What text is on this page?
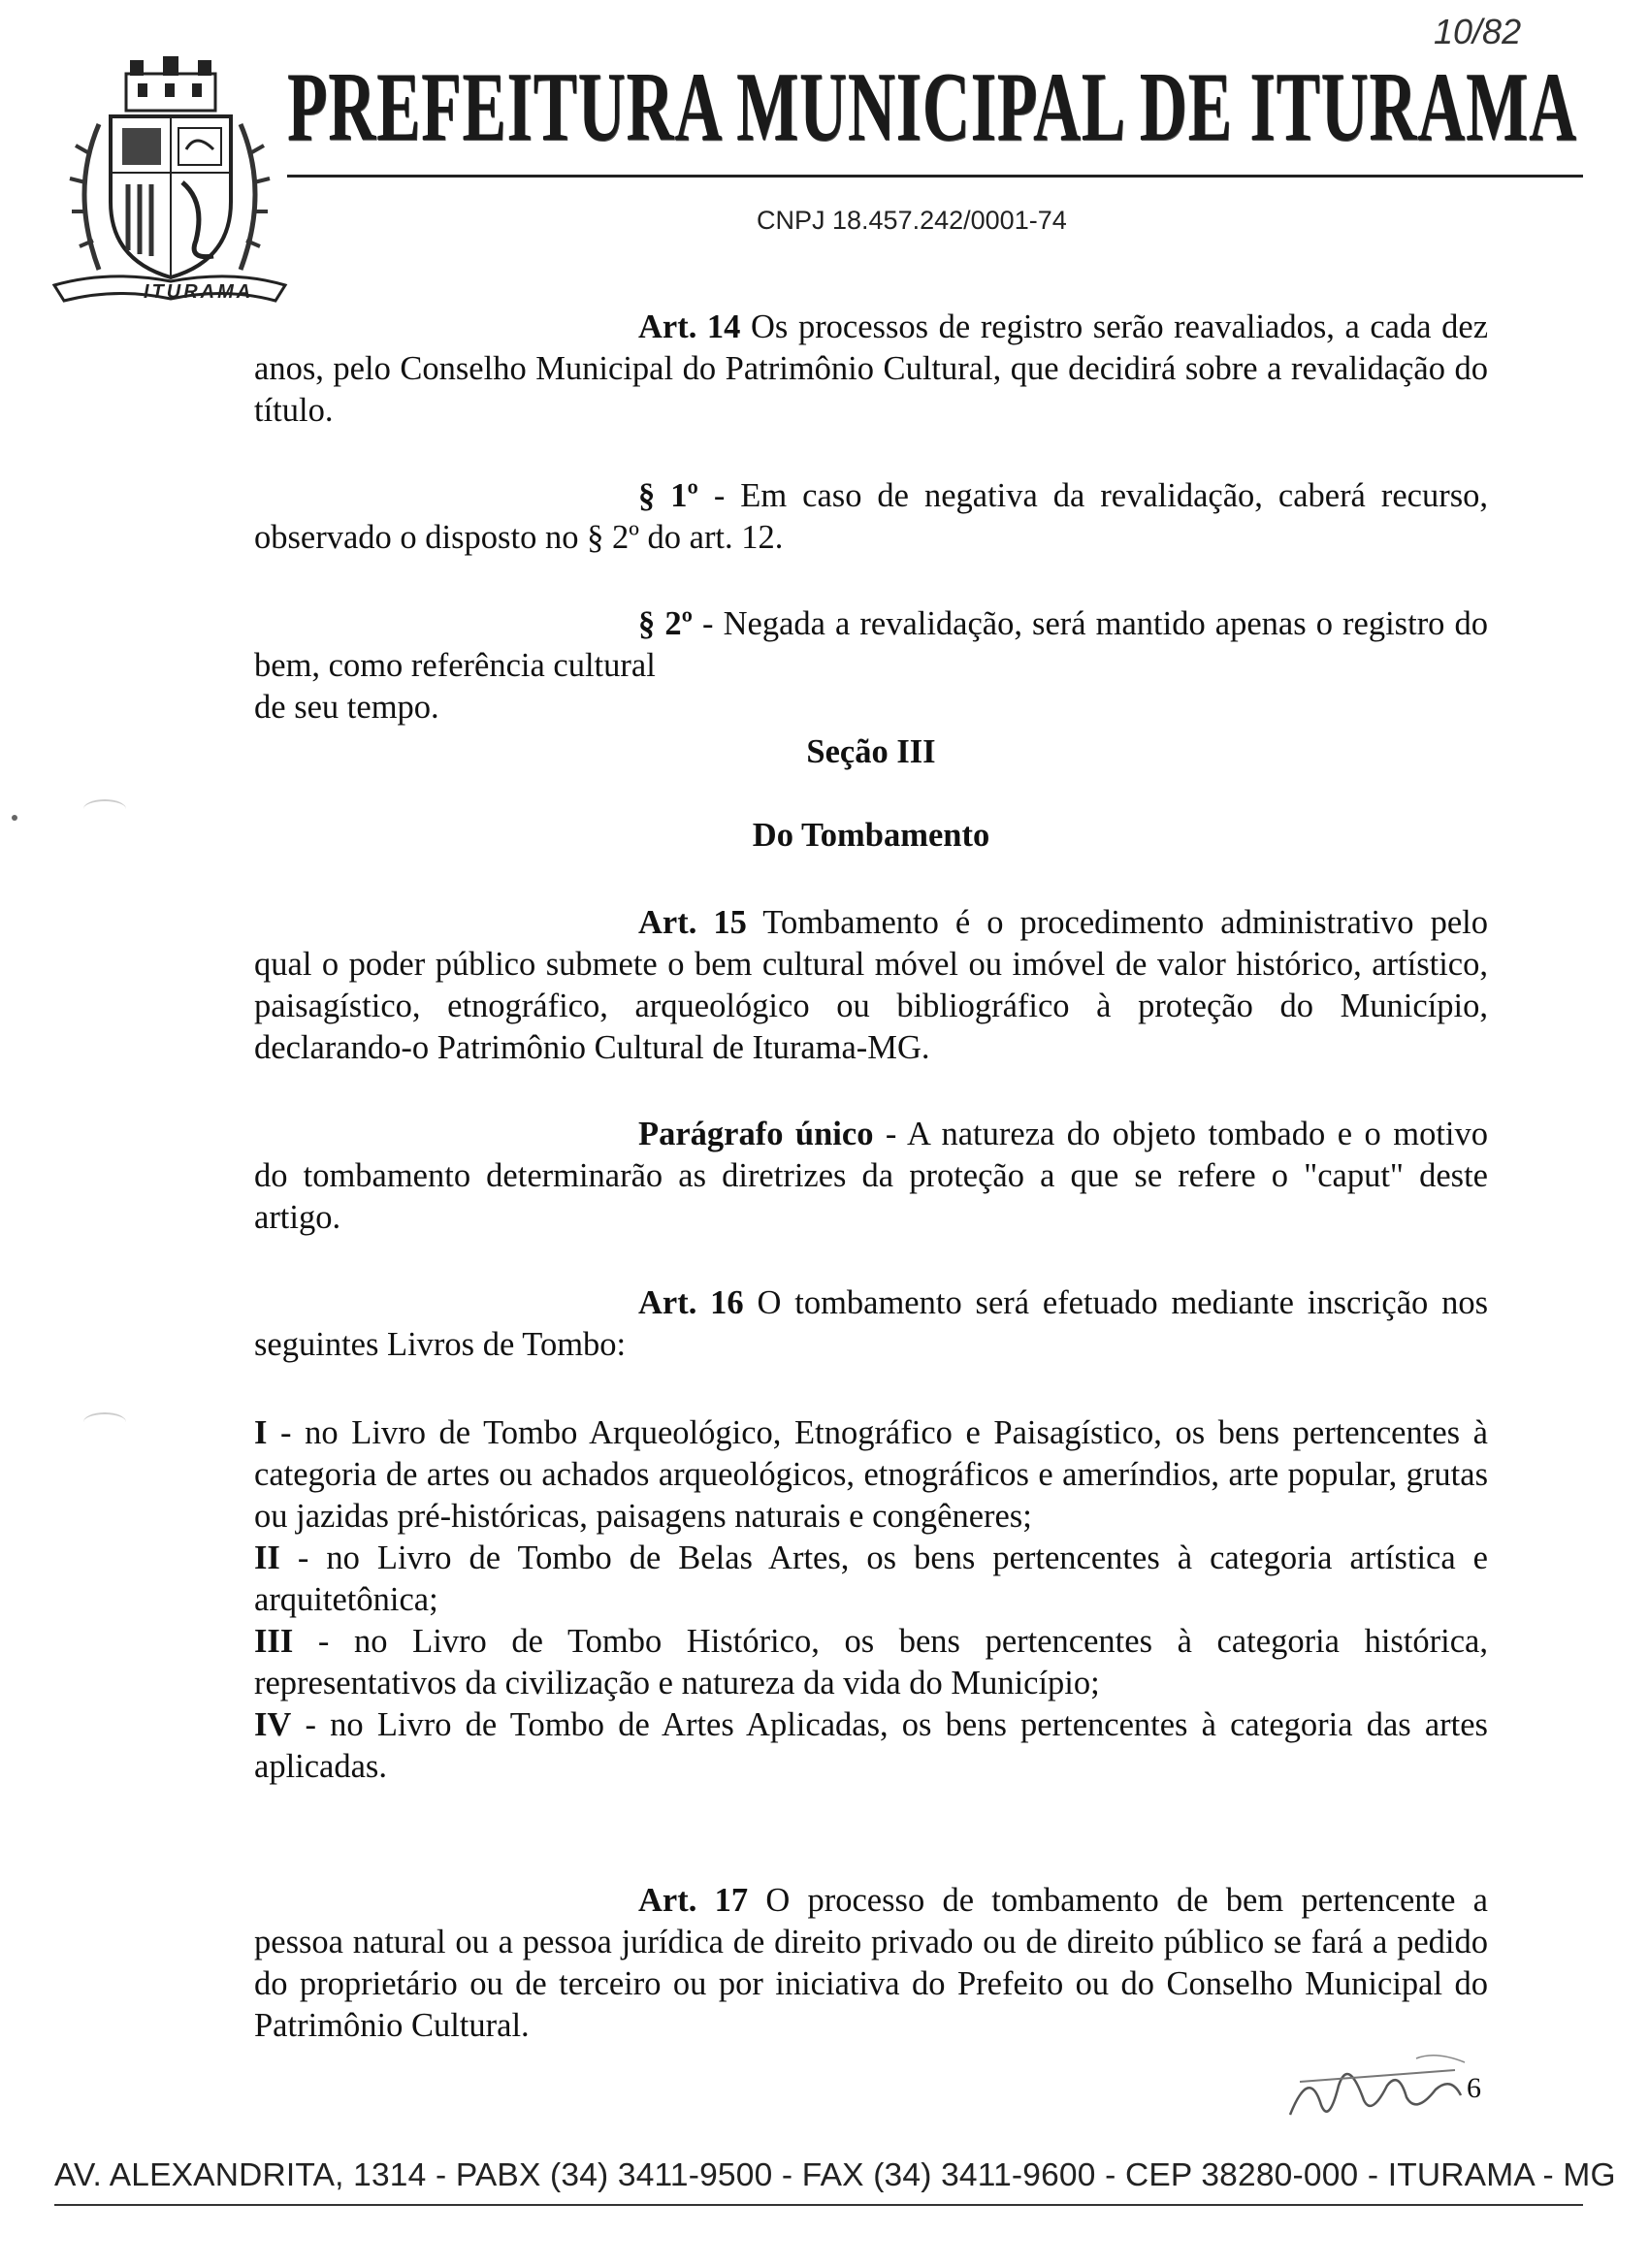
ITURAMA
PREFEITURA MUNICIPAL DE ITURAMA
CNPJ 18.457.242/0001-74
10/82
Art. 14 Os processos de registro serão reavaliados, a cada dez anos, pelo Conselho Municipal do Patrimônio Cultural, que decidirá sobre a revalidação do título.
§ 1º - Em caso de negativa da revalidação, caberá recurso, observado o disposto no § 2º do art. 12.
§ 2º - Negada a revalidação, será mantido apenas o registro do bem, como referência cultural
de seu tempo.
Seção III
Do Tombamento
Art. 15 Tombamento é o procedimento administrativo pelo qual o poder público submete o bem cultural móvel ou imóvel de valor histórico, artístico, paisagístico, etnográfico, arqueológico ou bibliográfico à proteção do Município, declarando-o Patrimônio Cultural de Iturama-MG.
Parágrafo único - A natureza do objeto tombado e o motivo do tombamento determinarão as diretrizes da proteção a que se refere o "caput" deste artigo.
Art. 16 O tombamento será efetuado mediante inscrição nos seguintes Livros de Tombo:
I - no Livro de Tombo Arqueológico, Etnográfico e Paisagístico, os bens pertencentes à categoria de artes ou achados arqueológicos, etnográficos e ameríndios, arte popular, grutas ou jazidas pré-históricas, paisagens naturais e congêneres;
II - no Livro de Tombo de Belas Artes, os bens pertencentes à categoria artística e arquitetônica;
III - no Livro de Tombo Histórico, os bens pertencentes à categoria histórica, representativos da civilização e natureza da vida do Município;
IV - no Livro de Tombo de Artes Aplicadas, os bens pertencentes à categoria das artes aplicadas.
Art. 17 O processo de tombamento de bem pertencente a pessoa natural ou a pessoa jurídica de direito privado ou de direito público se fará a pedido do proprietário ou de terceiro ou por iniciativa do Prefeito ou do Conselho Municipal do Patrimônio Cultural.
6
AV. ALEXANDRITA, 1314 - PABX (34) 3411-9500 - FAX (34) 3411-9600 - CEP 38280-000 - ITURAMA - MG
